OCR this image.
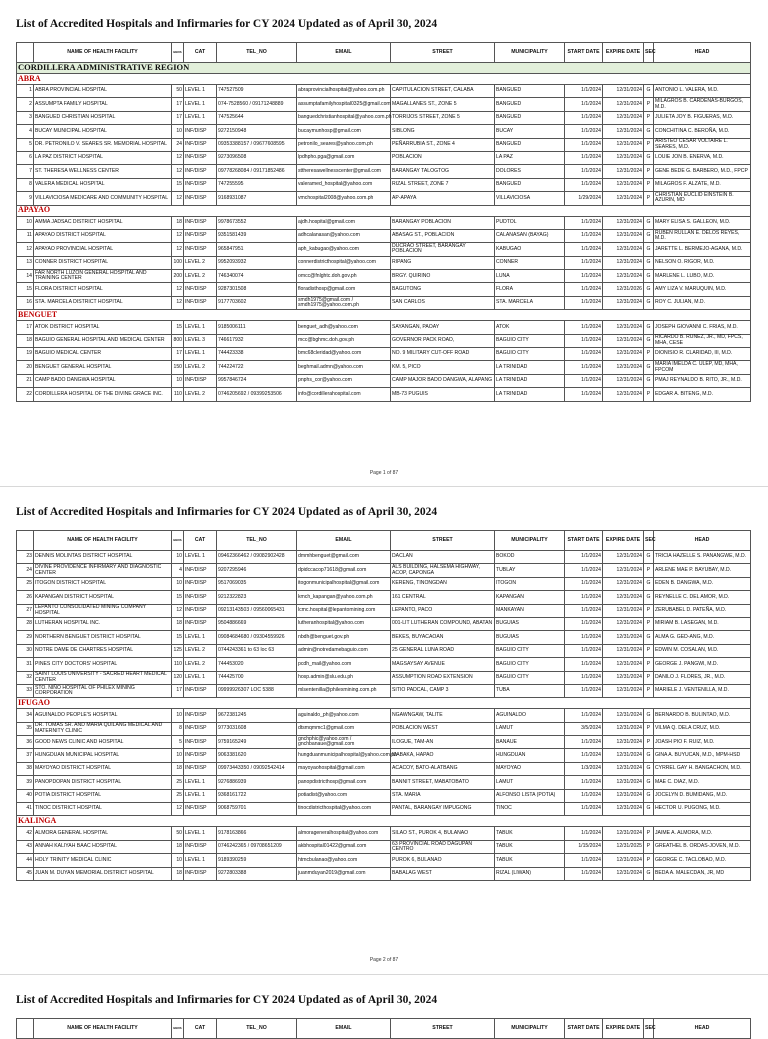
List of Accredited Hospitals and Infirmaries for CY 2024 Updated as of April 30, 2024
	NAME OF HEALTH FACILITY	BEDS	CAT	TEL_NO	EMAIL	STREET	MUNICIPALITY	START DATE	EXPIRE DATE	SEC	HEAD
CORDILLERA ADMINISTRATIVE REGION											
ABRA											
1	ABRA PROVINCIAL HOSPITAL	50	LEVEL 1	747527509	abraprovincialhospital@yahoo.com.ph	CAPITULACION STREET, CALABA	BANGUED	1/1/2024	12/31/2024	G	ANTONIO L. VALERA, M.D.
2	ASSUMPTA FAMILY HOSPITAL	17	LEVEL 1	074-7528560 / 09171248889	assumptafamilyhospital0325@gmail.com	MAGALLANES ST., ZONE 5	BANGUED	1/1/2024	12/31/2024	P	MILAGROS B. CARDENAS-BURGOS, M.D.
3	BANGUED CHRISTIAN HOSPITAL	17	LEVEL 1	747525644	banguedchristianhospital@yahoo.com.ph	TORRIJOS STREET, ZONE 5	BANGUED	1/1/2024	12/31/2024	P	JULIETA JOY B. FIGUERAS, M.D.
4	BUCAY MUNICIPAL HOSPITAL	10	INF/DISP	9272150948	bucaymunhosp@gmail.com	SIBLONG	BUCAY	1/1/2024	12/31/2024	G	CONCHITINA C. BEROÑA, M.D.
5	DR. PETRONILO V. SEARES SR. MEMORIAL HOSPITAL	24	INF/DISP	09353388157 / 09677608595	petronilo_seares@yahoo.com.ph	PEÑARRUBIA ST., ZONE 4	BANGUED	1/1/2024	12/31/2024	P	ARISTEO CESAR VOLTAIRE L. SEARES, M.D.
6	LA PAZ DISTRICT HOSPITAL	12	INF/DISP	9273096508	lpdhpho.pga@gmail.com	POBLACION	LA PAZ	1/1/2024	12/31/2024	G	LOUIE JON B. ENERVA, M.D.
7	ST. THERESA WELLNESS CENTER	12	INF/DISP	09778268084 / 09171852486	sttheresawellnesscenter@gmail.com	BARANGAY TALOGTOG	DOLORES	1/1/2024	12/31/2024	P	GENE BEDE G. BARBERO, M.D., FPCP
8	VALERA MEDICAL HOSPITAL	15	INF/DISP	747255595	valeramed_hospital@yahoo.com	RIZAL STREET, ZONE 7	BANGUED	1/1/2024	12/31/2024	P	MILAGROS F. ALZATE, M.D.
9	VILLAVICIOSA MEDICARE AND COMMUNITY HOSPITAL	12	INF/DISP	9168931087	vmchospital2008@yahoo.com.ph	AP-APAYA	VILLAVICIOSA	1/29/2024	12/31/2024	P	CHRISTIAN EUCLID EINSTEIN B. AZURIN, MD
APAYAO											
10	AMMA JADSAC DISTRICT HOSPITAL	18	INF/DISP	9978673552	ajdh.hospital@gmail.com	BARANGAY POBLACION	PUDTOL	1/1/2024	12/31/2024	G	MARY ELISA S. GALLEON, M.D.
11	APAYAO DISTRICT HOSPITAL	12	INF/DISP	9351581439	adhcalanasan@yahoo.com	ABASAG ST., POBLACION	CALANASAN (BAYAG)	1/1/2024	12/31/2024	G	RUBEN RULLAN E. DELOS REYES, M.D.
12	APAYAO PROVINCIAL HOSPITAL	12	INF/DISP	965847951	aph_kabugao@yahoo.com	DUCRAO STREET, BARANGAY POBLACION	KABUGAO	1/1/2024	12/31/2024	G	JARETTE L. BERMEJO-AGANA, M.D.
13	CONNER DISTRICT HOSPITAL	100	LEVEL 2	9952093932	connerdistricthospital@yahoo.com	RIPANG	CONNER	1/1/2024	12/31/2024	G	NELSON O. RIGOR, M.D.
14	FAR NORTH LUZON GENERAL HOSPITAL AND TRAINING CENTER	200	LEVEL 2	746340074	omcc@fnlghtc.doh.gov.ph	BRGY. QUIRINO	LUNA	1/1/2024	12/31/2024	G	MARLENE L. LUBO, M.D.
15	FLORA DISTRICT HOSPITAL	12	INF/DISP	9287301508	floradisthosp@gmail.com	BAGUTONG	FLORA	1/1/2024	12/31/2026	G	AMY LIZA V. MARUQUIN, M.D.
16	STA. MARCELA DISTRICT HOSPITAL	12	INF/DISP	9177703602	smdh1975@gmail.com / smdh1975@yahoo.com.ph	SAN CARLOS	STA. MARCELA	1/1/2024	12/31/2024	G	ROY C. JULIAN, M.D.
BENGUET											
17	ATOK DISTRICT HOSPITAL	15	LEVEL 1	9185006111	benguet_adh@yahoo.com	SAYANGAN, PAOAY	ATOK	1/1/2024	12/31/2024	G	JOSEPH GIOVANNI C. FRIAS, M.D.
18	BAGUIO GENERAL HOSPITAL AND MEDICAL CENTER	800	LEVEL 3	746617932	mcc@bghmc.doh.gov.ph	GOVERNOR PACK ROAD,	BAGUIO CITY	1/1/2024	12/31/2024	G	RICARDO B. RUNEZ, JR., MD, FPCS, MHA, CESE
19	BAGUIO MEDICAL CENTER	17	LEVEL 1	744423338	bmc68cleridad@yahoo.com	NO. 9 MILITARY CUT-OFF ROAD	BAGUIO CITY	1/1/2024	12/31/2024	P	DIONISIO R. CLARIDAD, III, M.D.
20	BENGUET GENERAL HOSPITAL	150	LEVEL 2	744224722	beghmail.admn@yahoo.com	KM. 5, PICO	LA TRINIDAD	1/1/2024	12/31/2024	G	MARIA IMELDA C. ULEP, MD, MHA, FPCOM
21	CAMP BADO DANGWA HOSPITAL	10	INF/DISP	9957846724	pnphs_cor@yahoo.com	CAMP MAJOR BADO DANGWA, ALAPANG	LA TRINIDAD	1/1/2024	12/31/2024	G	PMAJ REYNALDO B. RITO, JR., M.D.
22	CORDILLERA HOSPITAL OF THE DIVINE GRACE INC.	110	LEVEL 2	0746205692 / 09399253506	info@cordillerahospital.com	MB-73 PUGUIS	LA TRINIDAD	1/1/2024	12/31/2024	P	EDGAR A. BITENG, M.D.
Page 1 of 87
List of Accredited Hospitals and Infirmaries for CY 2024 Updated as of April 30, 2024
	NAME OF HEALTH FACILITY	BEDS	CAT	TEL_NO	EMAIL	STREET	MUNICIPALITY	START DATE	EXPIRE DATE	SEC	HEAD
23	DENNIS MOLINTAS DISTRICT HOSPITAL	10	LEVEL 1	09462366462 / 09082902428	dmmhbenguet@gmail.com	DACLAN	BOKOD	1/1/2024	12/31/2024	G	TRICIA HAZELLE S. PANANGWE, M.D.
24	DIVINE PROVIDENCE INFIRMARY AND DIAGNOSTIC CENTER	4	INF/DISP	9207295946	dpidccacop71618@gmail.com	ALS BUILDING, HALSEMA HIGHWAY, ACOP, CAPONGA	TUBLAY	1/1/2024	12/31/2024	P	ARLENE MAE P. BAYUBAY, M.D.
25	ITOGON DISTRICT HOSPITAL	10	INF/DISP	9517069035	itogonmunicipalhospital@gmail.com	KERENG, TINONGDAN	ITOGON	1/1/2024	12/31/2024	G	EDEN B. DANGWA, M.D.
26	KAPANGAN DISTRICT HOSPITAL	15	INF/DISP	9212322823	kmch_kapangan@yahoo.com.ph	161 CENTRAL	KAPANGAN	1/1/2024	12/31/2024	G	REYNELLE C. DEL AMOR, M.D.
27	LEPANTO CONSOLIDATED MINING COMPANY HOSPITAL	12	INF/DISP	09213143503 / 09560065431	lcmc.hospital@lepantomining.com	LEPANTO, PACO	MANKAYAN	1/1/2024	12/31/2024	P	ZERUBABEL D. PATEÑA, M.D.
28	LUTHERAN HOSPITAL INC.	18	INF/DISP	9504886669	lutheranhospital@yahoo.com	001-LIT LUTHERAN COMPOUND, ABATAN	BUGUIAS	1/1/2024	12/31/2024	P	MIRIAM B. LASEGAN, M.D.
29	NORTHERN BENGUET DISTRICT HOSPITAL	15	LEVEL 1	09084684680 / 09304559926	nbdh@benguet.gov.ph	BEKES, BUYACAOAN	BUGUIAS	1/1/2024	12/31/2024	G	ALMA G. GED-ANG, M.D.
30	NOTRE DAME DE CHARTRES HOSPITAL	125	LEVEL 2	0744243361 to 63 loc 63	admin@notredamebaguio.com	25 GENERAL LUNA ROAD	BAGUIO CITY	1/1/2024	12/31/2024	P	EDWIN M. COSALAN, M.D.
31	PINES CITY DOCTORS' HOSPITAL	110	LEVEL 2	744453020	pcdh_mail@yahoo.com	MAGSAYSAY AVENUE	BAGUIO CITY	1/1/2024	12/31/2024	P	GEORGE J. PANGWI, M.D.
32	SAINT LOUIS UNIVERSITY - SACRED HEART MEDICAL CENTER	120	LEVEL 1	744425700	hosp.admin@slu.edu.ph	ASSUMPTION ROAD EXTENSION	BAGUIO CITY	1/1/2024	12/31/2024	P	DANILO J. FLORES, JR., M.D.
33	STO. NIÑO HOSPITAL OF PHILEX MINING CORPORATION	17	INF/DISP	09999926307 LOC 5388	mlsentenilla@philexmining.com.ph	SITIO PADCAL, CAMP 3	TUBA	1/1/2024	12/31/2024	P	MARIELE J. VENTENILLA, M.D.
IFUGAO											
34	AGUINALDO PEOPLE'S HOSPITAL	10	INF/DISP	9672381245	aguinaldo_ph@yahoo.com	NGAWNGAW, TALITE	AGUINALDO	1/1/2024	12/31/2024	G	BERNARDO B. BULINTAO, M.D.
35	DR. TOMAS SR. AND MARIA QUILANG MEDICAL AND MATERNITY CLINIC	8	INF/DISP	9773031608	dtsmqmmc1@gmail.com	POBLACION WEST	LAMUT	3/5/2024	12/31/2024	P	VILMA Q. DELA CRUZ, M.D.
36	GOOD NEWS CLINIC AND HOSPITAL	5	INF/DISP	9759165249	gnchphic@yahoo.com / gnchbanaue@gmail.com	ILOGUE, TAM-AN	BANAUE	1/1/2024	12/31/2024	P	JOASH PIO F. RUIZ, M.D.
37	HUNGDUAN MUNICIPAL HOSPITAL	10	INF/DISP	9063381620	hungduanmunicipalhospital@yahoo.com.ph	MABAKA, HAPAO	HUNGDUAN	1/1/2024	12/31/2024	G	GINA A. BUYUCAN, M.D., MPM-HSD
38	MAYOYAO DISTRICT HOSPITAL	18	INF/DISP	09973443350 / 09092542414	mayoyaohospital@gmail.com	ACACOY, BATO-ALATBANG	MAYOYAO	1/3/2024	12/31/2024	G	CYRREL GAY H. BANGACHON, M.D.
39	PANOPDOPAN DISTRICT HOSPITAL	25	LEVEL 1	9276886939	panopdistricthosp@gmail.com	BANNIT STREET, MABATOBATO	LAMUT	1/1/2024	12/31/2024	G	MAE C. DIAZ, M.D.
40	POTIA DISTRICT HOSPITAL	25	LEVEL 1	9368161722	potiadist@yahoo.com	STA. MARIA	ALFONSO LISTA (POTIA)	1/1/2024	12/31/2024	G	JOCELYN D. BUMIDANG, M.D.
41	TINOC DISTRICT HOSPITAL	12	INF/DISP	9068759701	tinocdistricthospital@yahoo.com	PANTAL, BARANGAY IMPUGONG	TINOC	1/1/2024	12/31/2024	G	HECTOR U. PUGONG, M.D.
KALINGA											
42	ALMORA GENERAL HOSPITAL	50	LEVEL 1	9178163866	almorageneralhospital@yahoo.com	SILAO ST., PUROK 4, BULANAO	TABUK	1/1/2024	12/31/2024	P	JAIME A. ALMORA, M.D.
43	ANNAH KALIYAH BAAC HOSPITAL	18	INF/DISP	0746242365 / 09708651209	akbhospital01422@gmail.com	63 PROVINCIAL ROAD DAGUPAN CENTRO	TABUK	1/15/2024	12/31/2025	P	GREATHEL B. ORDAS-JOVEN, M.D.
44	HOLY TRINITY MEDICAL CLINIC	10	LEVEL 1	9189390259	htmcbulanao@yahoo.com	PUROK 6, BULANAO	TABUK	1/1/2024	12/31/2024	P	GEORGE C. TACLOBAO, M.D.
45	JUAN M. DUYAN MEMORIAL DISTRICT HOSPITAL	18	INF/DISP	9272803388	juanmduyan2019@gmail.com	BABALAG WEST	RIZAL (LIWAN)	1/1/2024	12/31/2024	G	BEDA A. MALECDAN, JR, MD
Page 2 of 87
List of Accredited Hospitals and Infirmaries for CY 2024 Updated as of April 30, 2024
	NAME OF HEALTH FACILITY	BEDS	CAT	TEL_NO	EMAIL	STREET	MUNICIPALITY	START DATE	EXPIRE DATE	SEC	HEAD
